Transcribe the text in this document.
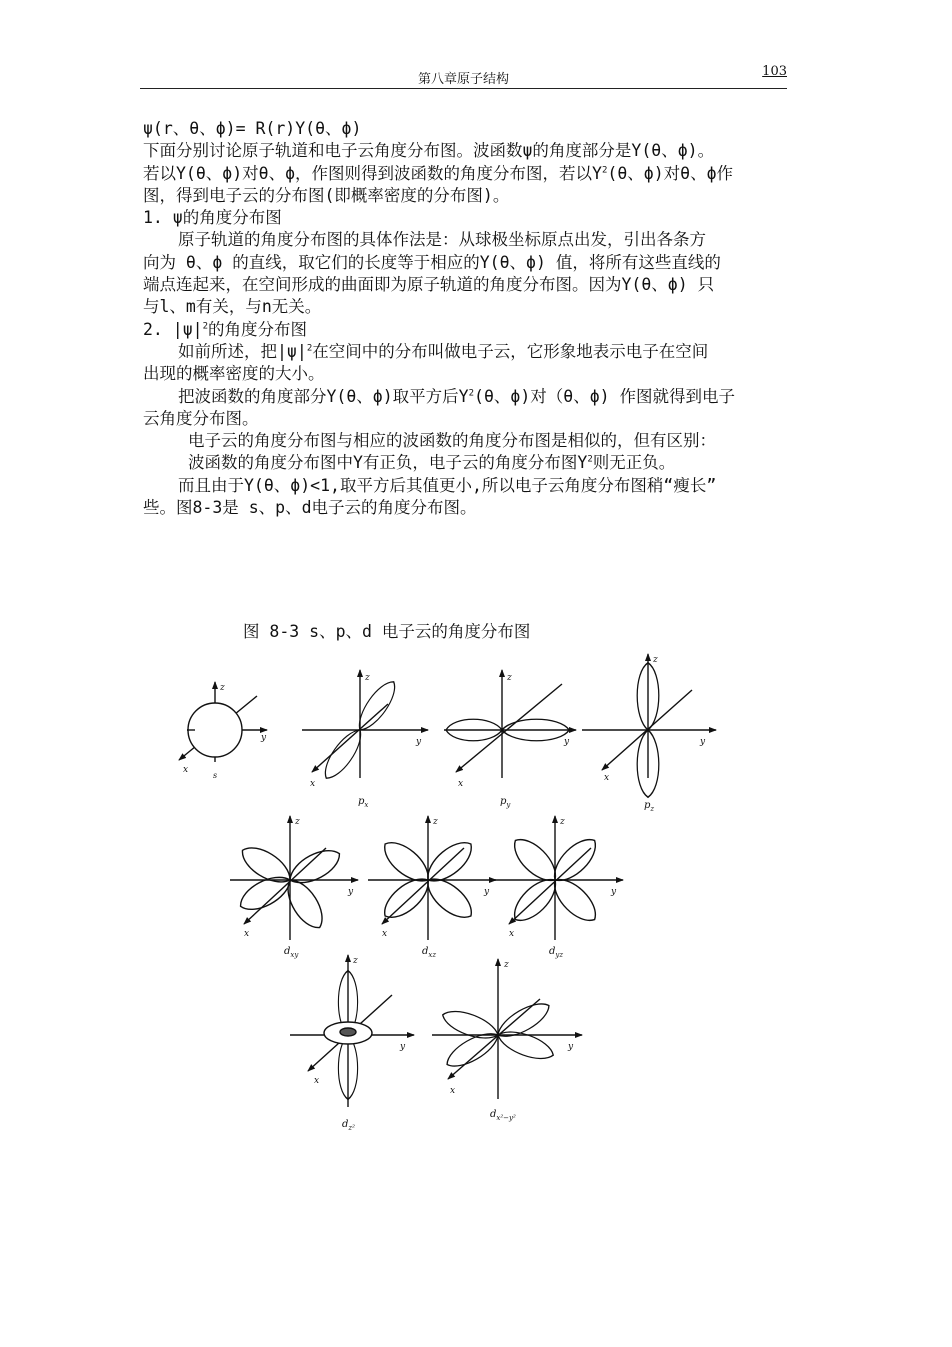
第八章原子结构
103

ψ(r、θ、ϕ)= R(r)Y(θ、ϕ)

下面分别讨论原子轨道和电子云角度分布图。波函数ψ的角度部分是Y(θ、ϕ)。

若以Y(θ、ϕ)对θ、ϕ，作图则得到波函数的角度分布图，若以$Y^2(\theta$、ϕ)对θ、ϕ作

图，得到电子云的分布图(即概率密度的分布图)。

1. ψ的角度分布图

原子轨道的角度分布图的具体作法是：从球极坐标原点出发，引出各条方

向为 θ、ϕ 的直线，取它们的长度等于相应的Y(θ、ϕ) 值，将所有这些直线的

端点连起来，在空间形成的曲面即为原子轨道的角度分布图。因为Y(θ、ϕ) 只

与l、m有关，与n无关。

2. $|\psi|^2$的角度分布图

如前所述，把$|\psi|^2$在空间中的分布叫做电子云，它形象地表示电子在空间

出现的概率密度的大小。

把波函数的角度部分Y(θ、ϕ)取平方后$Y^2(\theta$、ϕ)对（θ、ϕ) 作图就得到电子

云角度分布图。

电子云的角度分布图与相应的波函数的角度分布图是相似的，但有区别：

波函数的角度分布图中Y有正负，电子云的角度分布图$Y^2$则无正负。

而且由于Y(θ、ϕ)<1,取平方后其值更小,所以电子云角度分布图稍“瘦长”

些。图8-3是 s、p、d电子云的角度分布图。

图 8-3 s、p、d 电子云的角度分布图
z
y
x
s
z
y
x
$p_x$
z
y
x
$p_y$
z
y
x
$p_z$
z
y
x
$d_{xy}$
z
y
x
$d_{xz}$
z
y
x
$d_{yz}$
z
y
x
$d_{z^2}$
z
y
x
$d_{x^2-y^2}$
